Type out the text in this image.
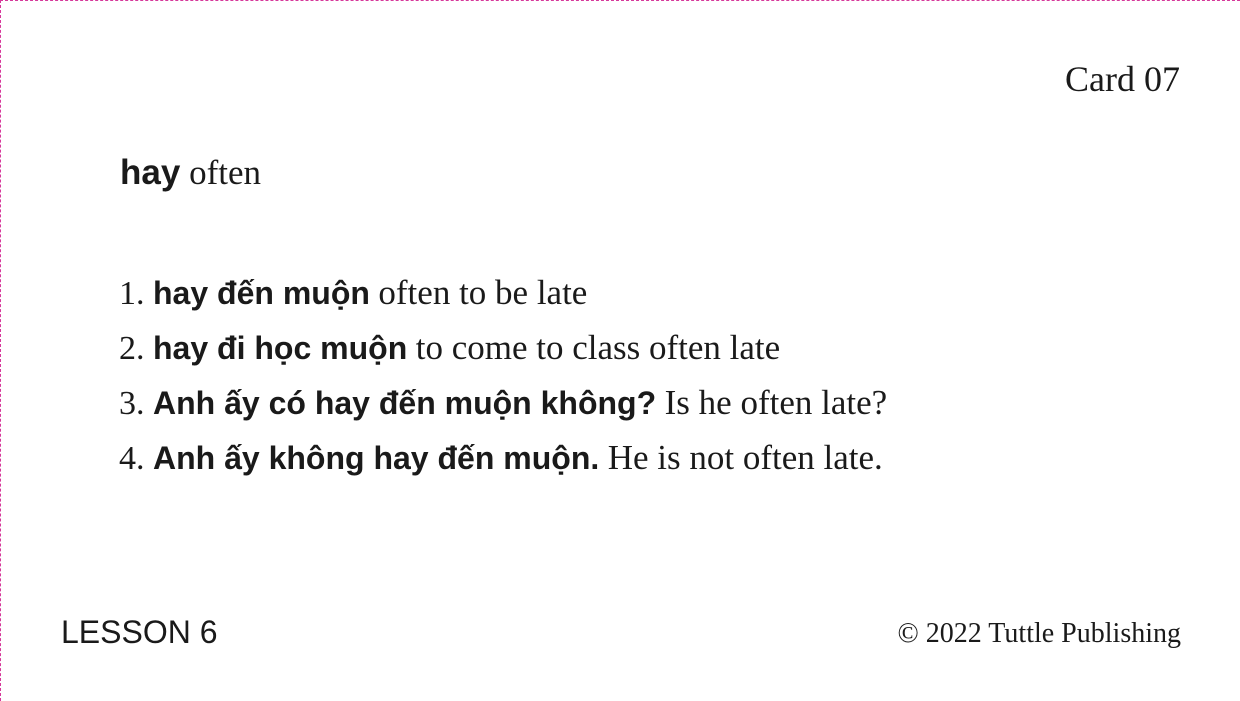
Card 07
hay often
1. hay đến muộn often to be late
2. hay đi học muộn to come to class often late
3. Anh ấy có hay đến muộn không? Is he often late?
4. Anh ấy không hay đến muộn. He is not often late.
LESSON 6	© 2022 Tuttle Publishing
